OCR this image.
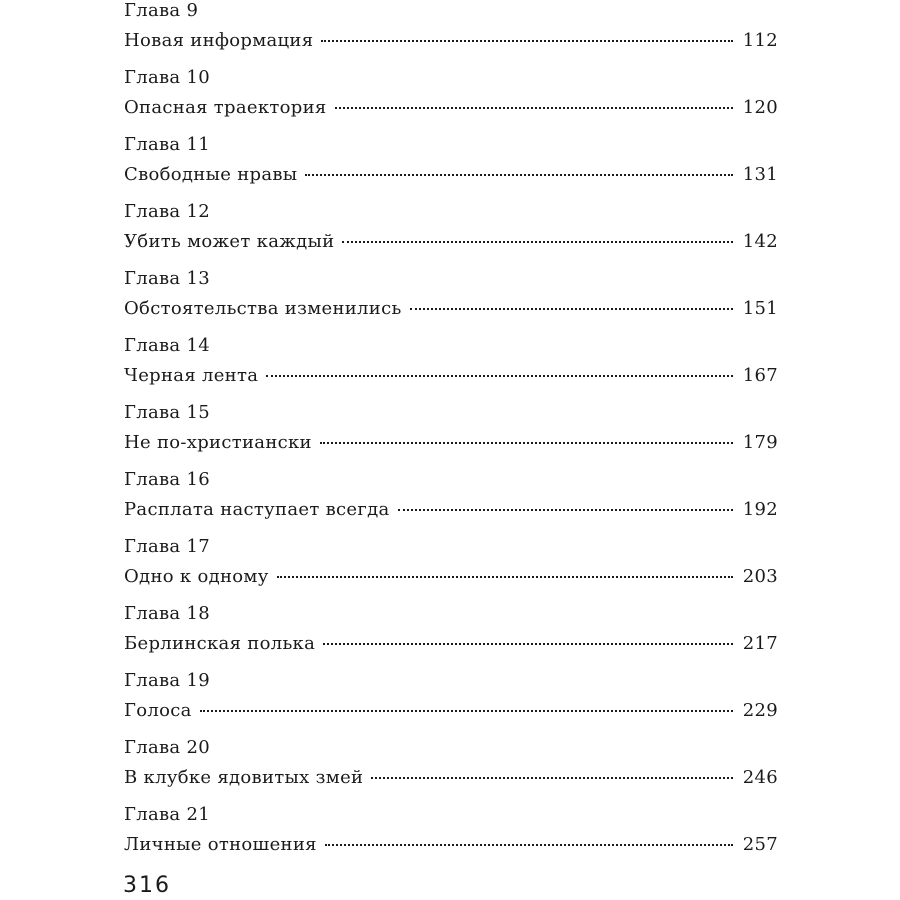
Глава 9
Новая информация	112
Глава 10
Опасная траектория	120
Глава 11
Свободные нравы	131
Глава 12
Убить может каждый	142
Глава 13
Обстоятельства изменились	151
Глава 14
Черная лента	167
Глава 15
Не по-христиански	179
Глава 16
Расплата наступает всегда	192
Глава 17
Одно к одному	203
Глава 18
Берлинская полька	217
Глава 19
Голоса	229
Глава 20
В клубке ядовитых змей	246
Глава 21
Личные отношения	257
316
